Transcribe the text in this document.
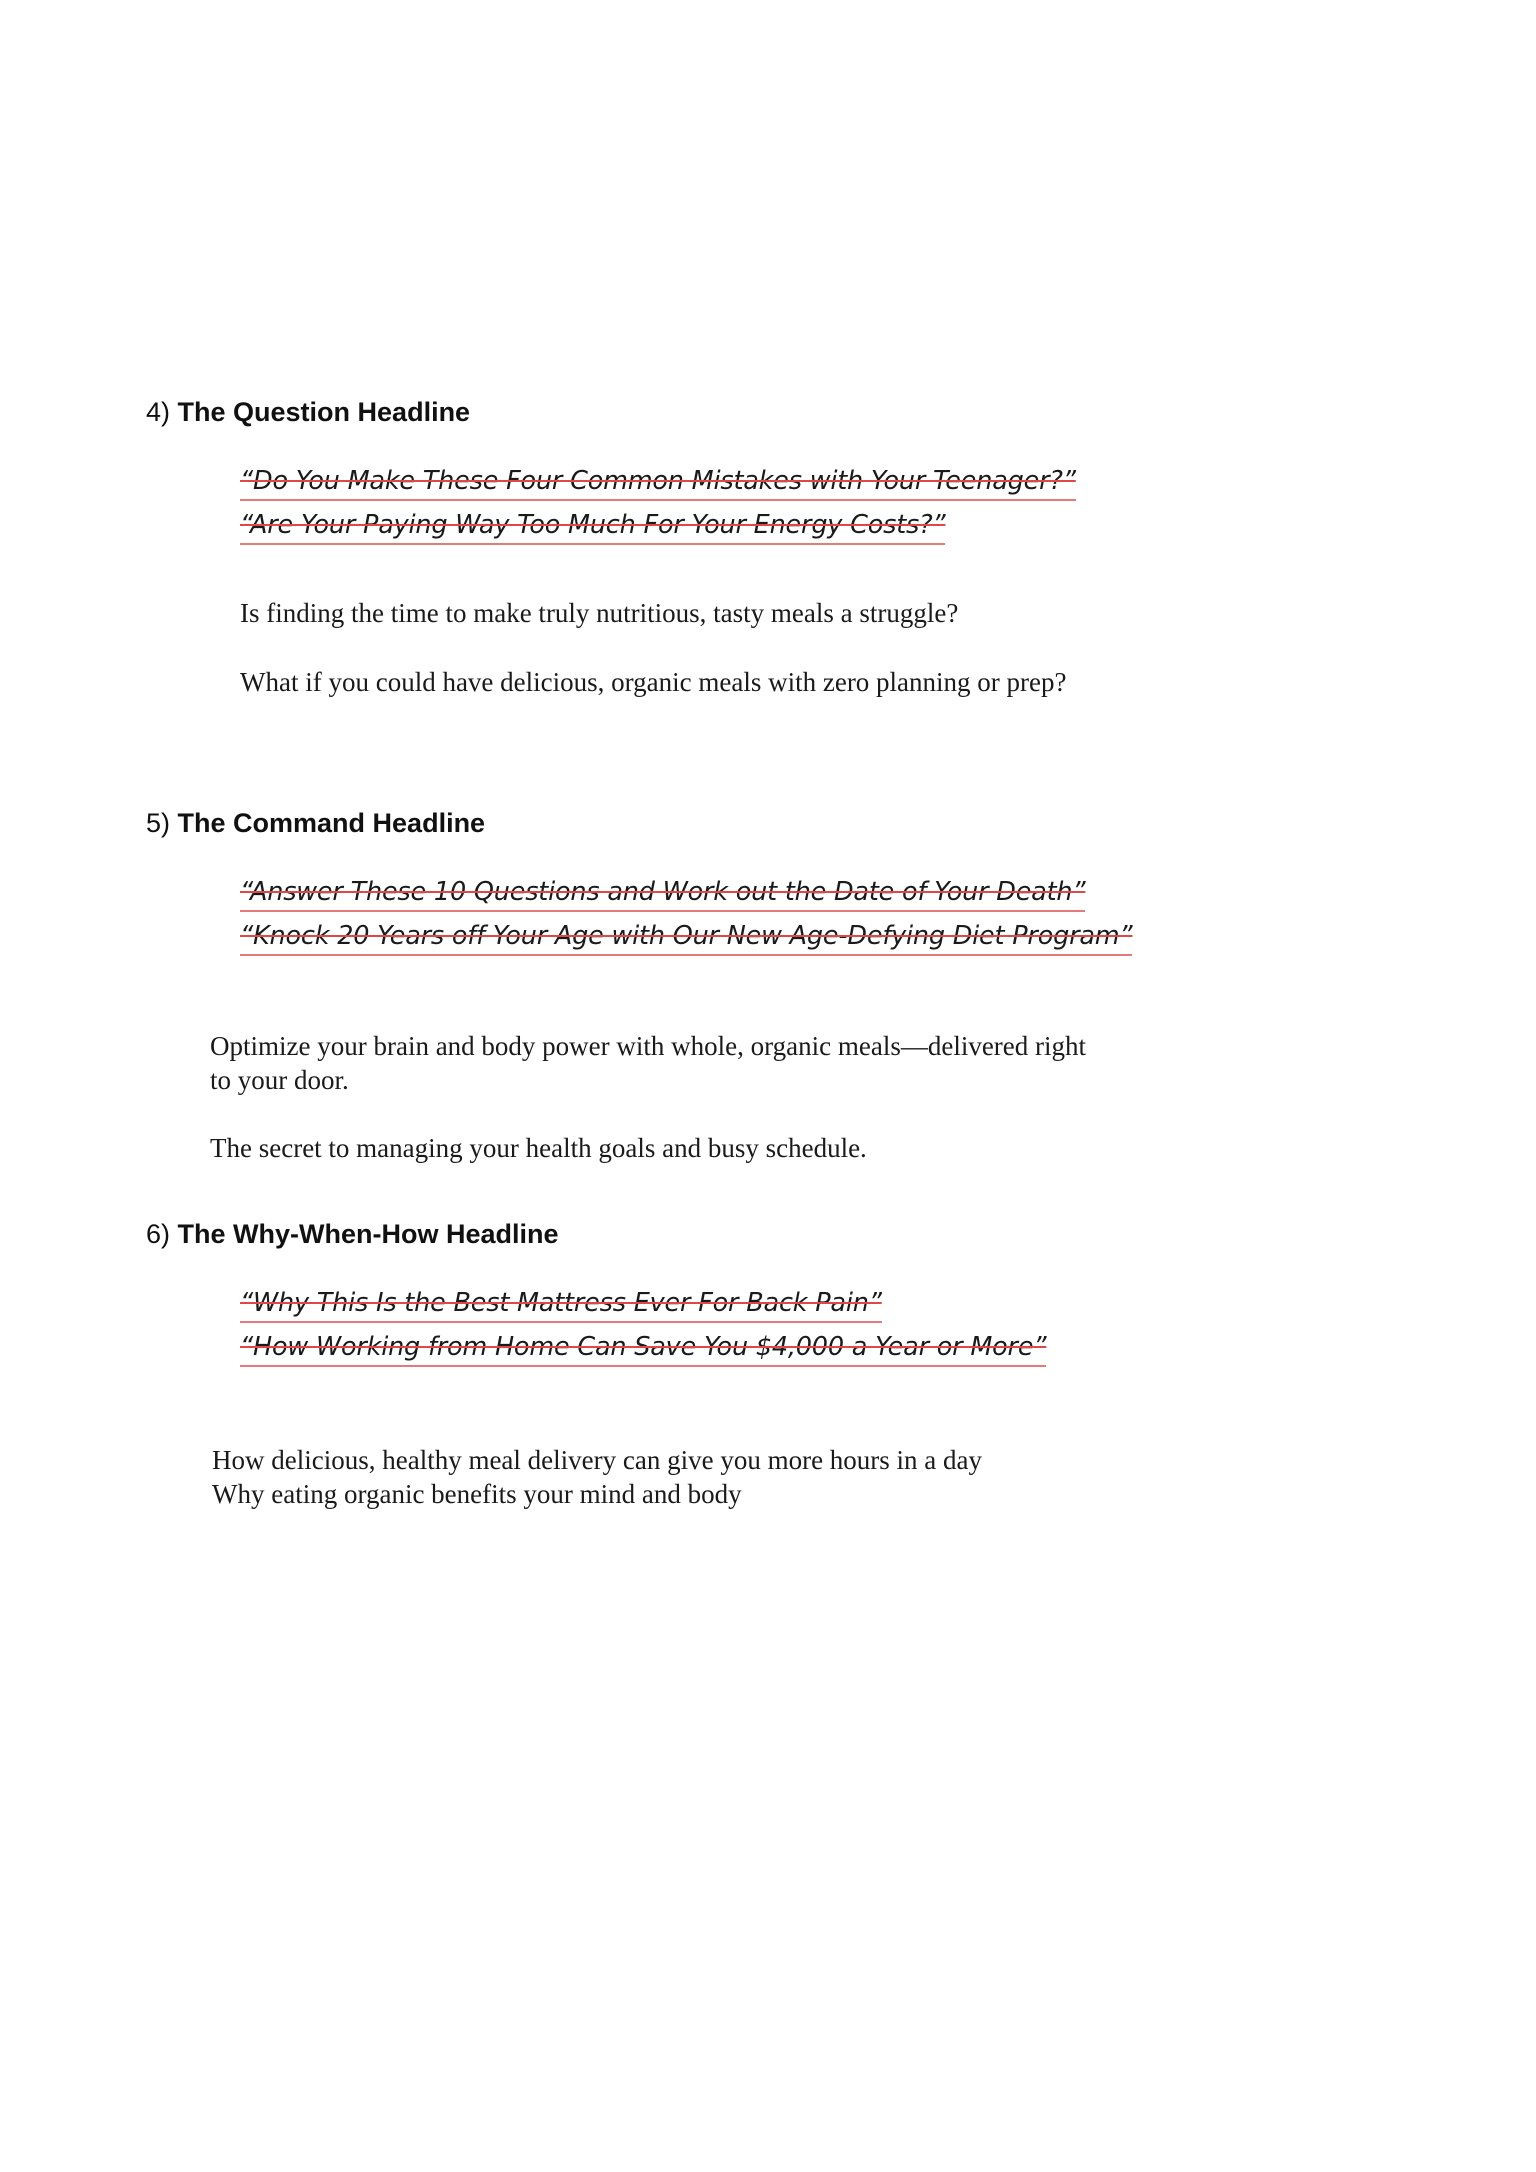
4) The Question Headline
“Do You Make These Four Common Mistakes with Your Teenager?”
“Are Your Paying Way Too Much For Your Energy Costs?”
Is finding the time to make truly nutritious, tasty meals a struggle?
What if you could have delicious, organic meals with zero planning or prep?
5) The Command Headline
“Answer These 10 Questions and Work out the Date of Your Death”
“Knock 20 Years off Your Age with Our New Age-Defying Diet Program”
Optimize your brain and body power with whole, organic meals—delivered right
to your door.
The secret to managing your health goals and busy schedule.
6) The Why-When-How Headline
“Why This Is the Best Mattress Ever For Back Pain”
“How Working from Home Can Save You $4,000 a Year or More”
How delicious, healthy meal delivery can give you more hours in a day
Why eating organic benefits your mind and body
